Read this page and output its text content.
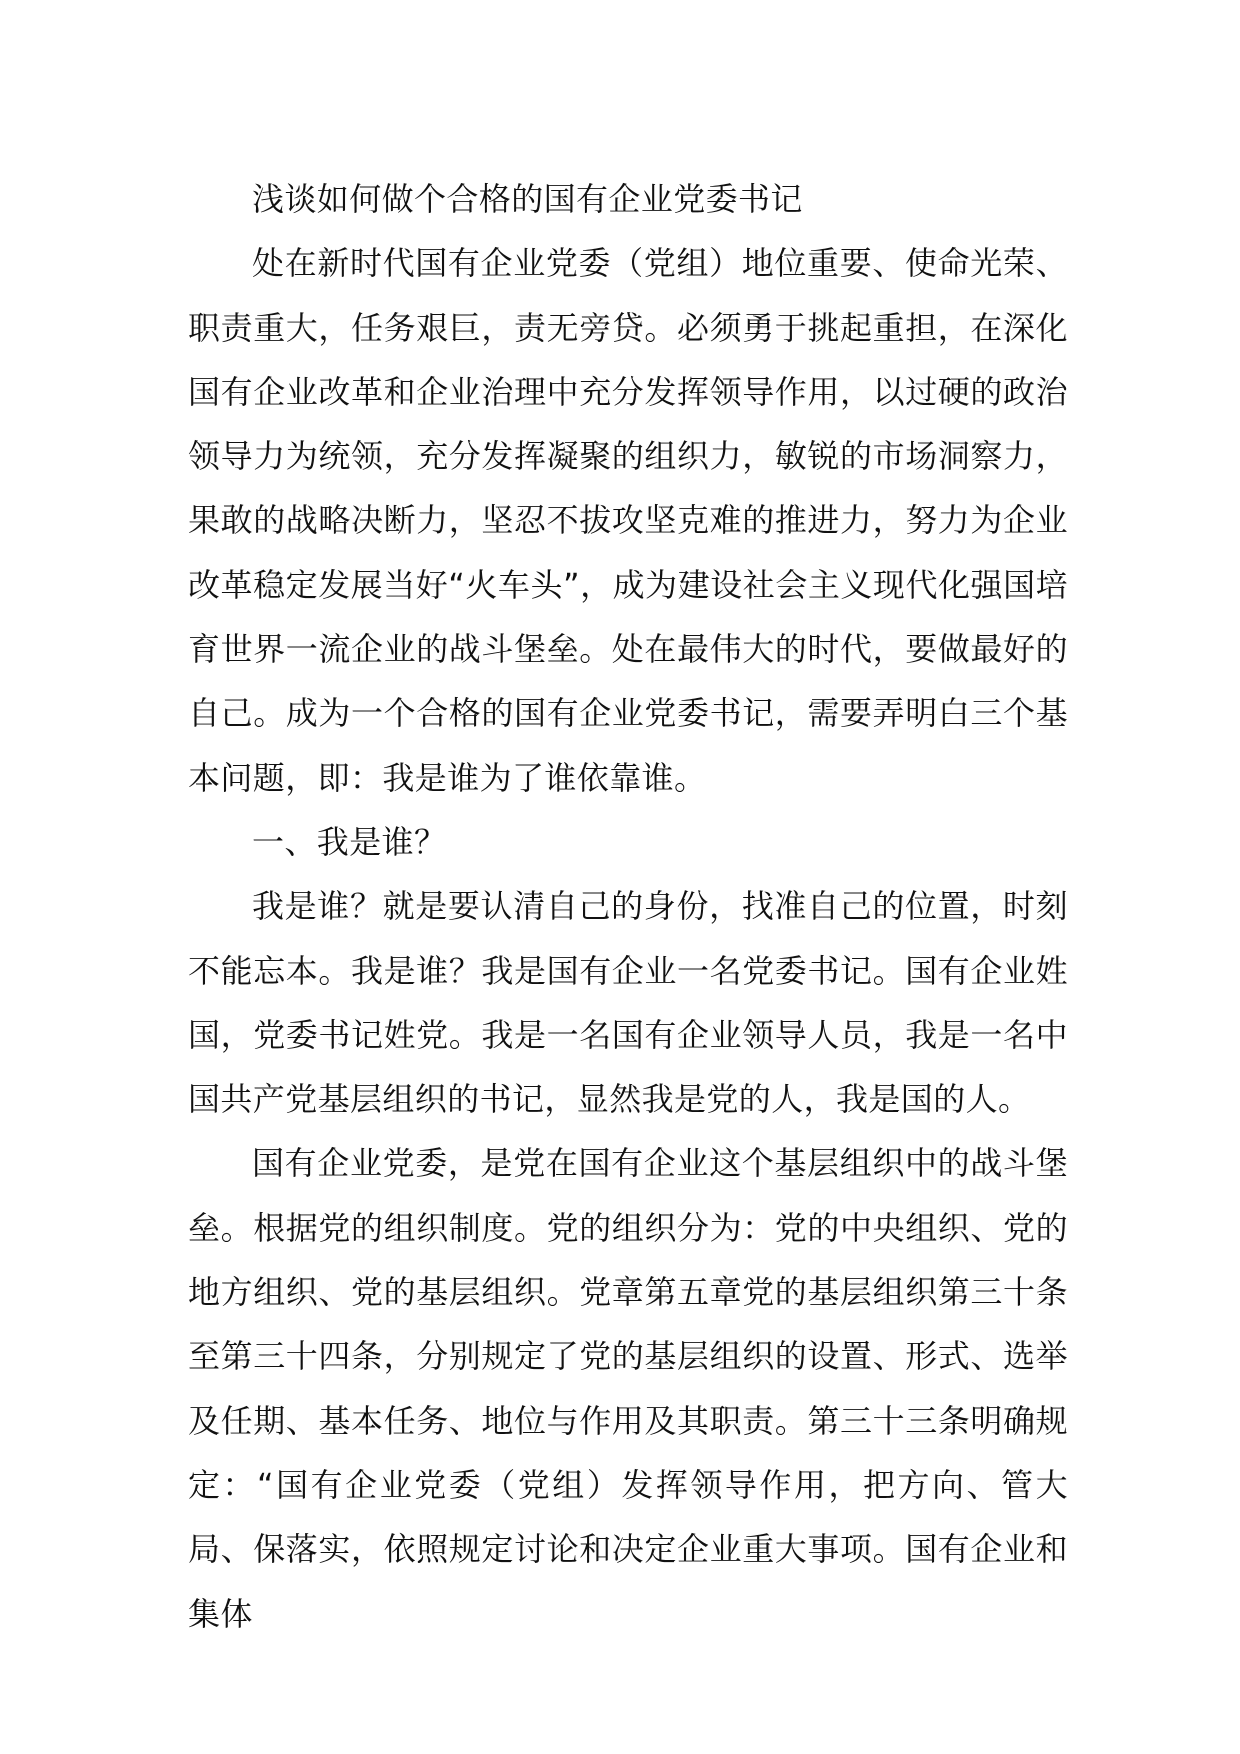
浅谈如何做个合格的国有企业党委书记

处在新时代国有企业党委（党组）地位重要、使命光荣、职责重大，任务艰巨，责无旁贷。必须勇于挑起重担，在深化国有企业改革和企业治理中充分发挥领导作用，以过硬的政治领导力为统领，充分发挥凝聚的组织力，敏锐的市场洞察力，果敢的战略决断力，坚忍不拔攻坚克难的推进力，努力为企业改革稳定发展当好“火车头”，成为建设社会主义现代化强国培育世界一流企业的战斗堡垒。处在最伟大的时代，要做最好的自己。成为一个合格的国有企业党委书记，需要弄明白三个基本问题，即：我是谁为了谁依靠谁。

一、我是谁？

我是谁？就是要认清自己的身份，找准自己的位置，时刻不能忘本。我是谁？我是国有企业一名党委书记。国有企业姓国，党委书记姓党。我是一名国有企业领导人员，我是一名中国共产党基层组织的书记，显然我是党的人，我是国的人。

国有企业党委，是党在国有企业这个基层组织中的战斗堡垒。根据党的组织制度。党的组织分为：党的中央组织、党的地方组织、党的基层组织。党章第五章党的基层组织第三十条至第三十四条，分别规定了党的基层组织的设置、形式、选举及任期、基本任务、地位与作用及其职责。第三十三条明确规定：“国有企业党委（党组）发挥领导作用，把方向、管大局、保落实，依照规定讨论和决定企业重大事项。国有企业和集体
